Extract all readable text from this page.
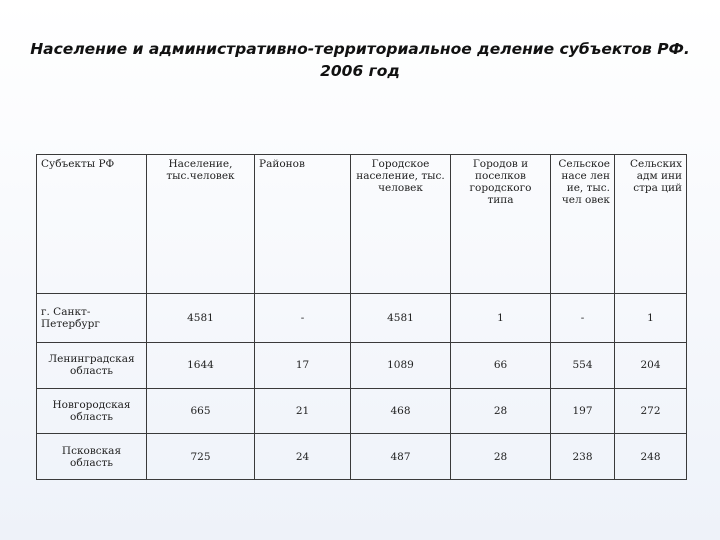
Население и административно-территориальное деление субъектов РФ.
2006 год
Субъекты РФ	Население, тыс.человек	Районов	Городское население, тыс. человек	Городов и поселков городского типа	Сельское насе лен ие, тыс. чел овек	Сельских адм ини стра ций
г. Санкт-Петербург	4581	-	4581	1	-	1
Ленинградская область	1644	17	1089	66	554	204
Новгородская область	665	21	468	28	197	272
Псковская область	725	24	487	28	238	248
